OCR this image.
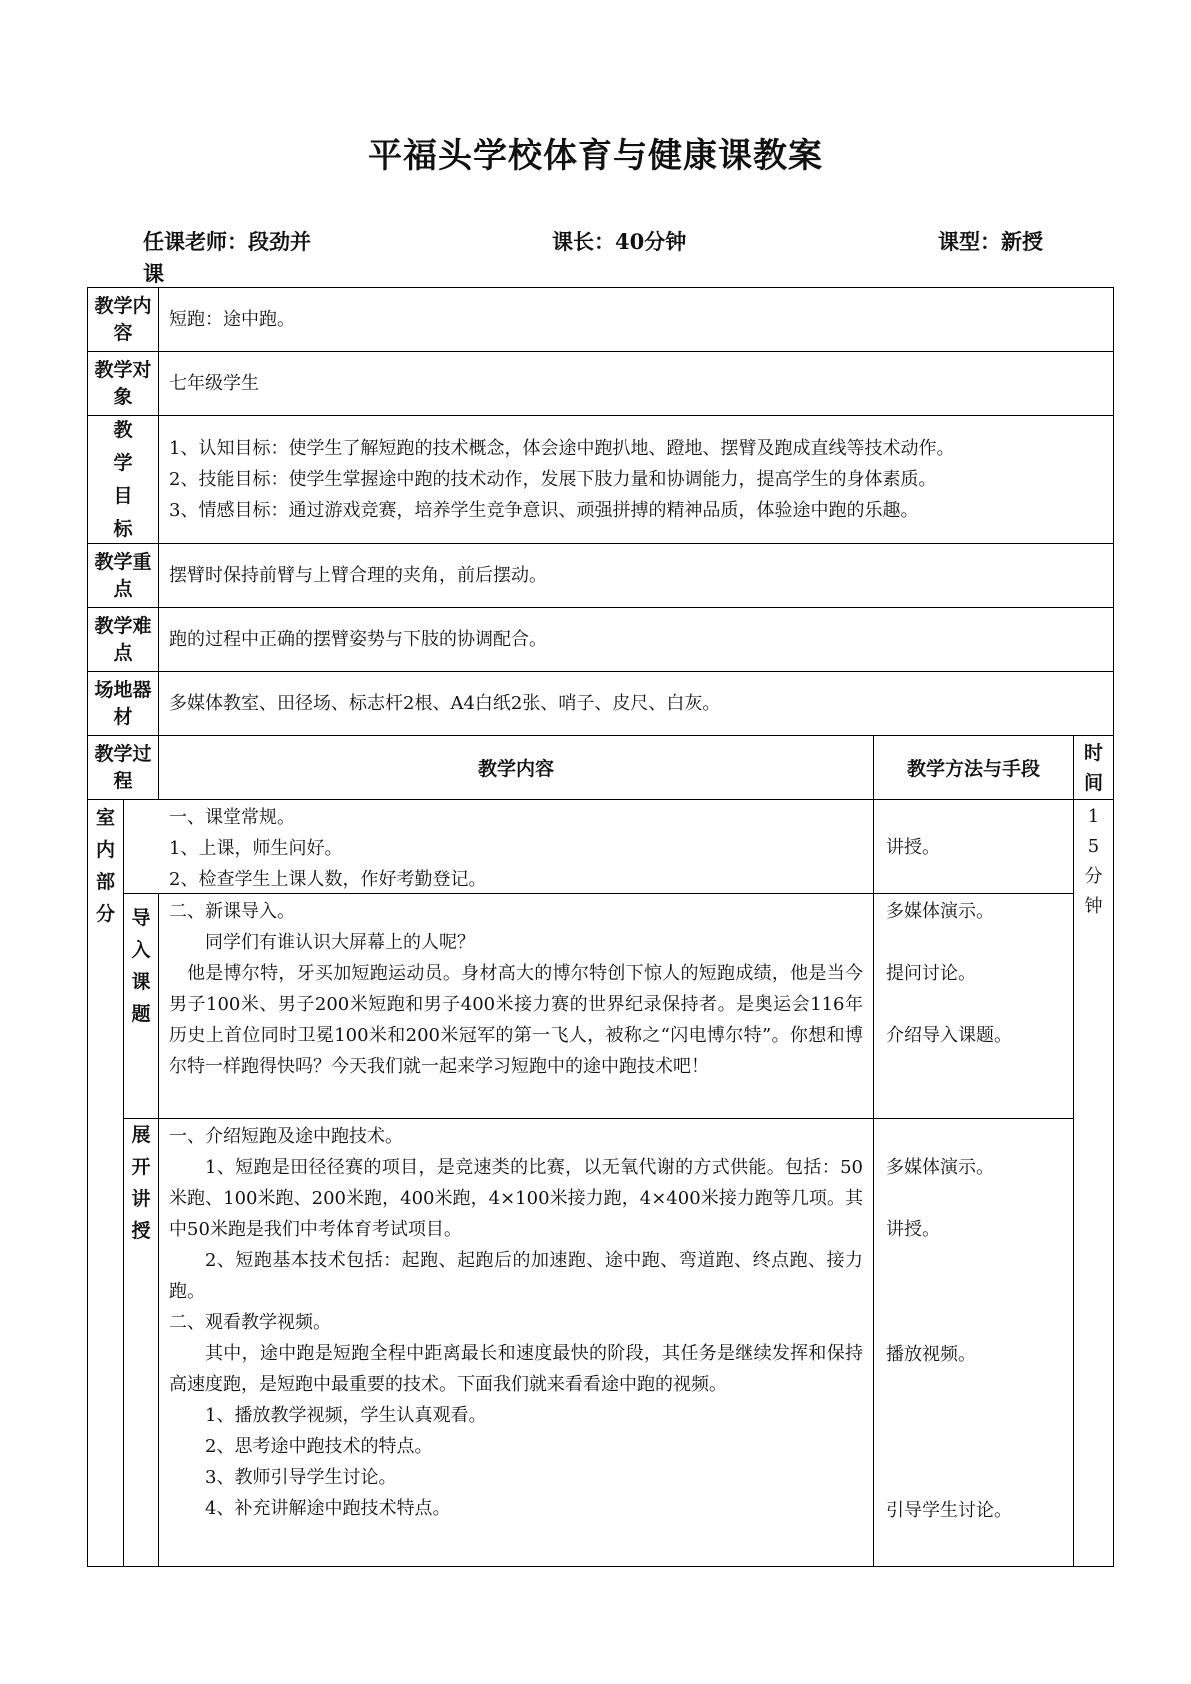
平福头学校体育与健康课教案
任课老师：段劲并
课
课长：40分钟	课型：新授
教学内容
短跑：途中跑。
教学对象
七年级学生
教
学
目
标

1、认知目标：使学生了解短跑的技术概念，体会途中跑扒地、蹬地、摆臂及跑成直线等技术动作。

2、技能目标：使学生掌握途中跑的技术动作，发展下肢力量和协调能力，提高学生的身体素质。

3、情感目标：通过游戏竞赛，培养学生竞争意识、顽强拼搏的精神品质，体验途中跑的乐趣。

教学重点
摆臂时保持前臂与上臂合理的夹角，前后摆动。
教学难点
跑的过程中正确的摆臂姿势与下肢的协调配合。
场地器材
多媒体教室、田径场、标志杆2根、A4白纸2张、哨子、皮尺、白灰。
教学过程
教学内容	教学方法与手段
时
间
室
内
部
分

一、课堂常规。

1、上课，师生问好。

2、检查学生上课人数，作好考勤登记。

讲授。

导
入
课
题

二、新课导入。

同学们有谁认识大屏幕上的人呢？

他是博尔特，牙买加短跑运动员。身材高大的博尔特创下惊人的短跑成绩，他是当今男子100米、男子200米短跑和男子400米接力赛的世界纪录保持者。是奥运会116年历史上首位同时卫冕100米和200米冠军的第一飞人，被称之“闪电博尔特”。你想和博尔特一样跑得快吗？今天我们就一起来学习短跑中的途中跑技术吧！

多媒体演示。

提问讨论。

介绍导入课题。

展
开
讲
授

一、介绍短跑及途中跑技术。

1、短跑是田径径赛的项目，是竞速类的比赛，以无氧代谢的方式供能。包括：50米跑、100米跑、200米跑，400米跑，4×100米接力跑，4×400米接力跑等几项。其中50米跑是我们中考体育考试项目。

2、短跑基本技术包括：起跑、起跑后的加速跑、途中跑、弯道跑、终点跑、接力跑。

二、观看教学视频。

其中，途中跑是短跑全程中距离最长和速度最快的阶段，其任务是继续发挥和保持高速度跑，是短跑中最重要的技术。下面我们就来看看途中跑的视频。

1、播放教学视频，学生认真观看。

2、思考途中跑技术的特点。

3、教师引导学生讨论。

4、补充讲解途中跑技术特点。

多媒体演示。

讲授。

播放视频。

引导学生讨论。

1
5
分
钟
